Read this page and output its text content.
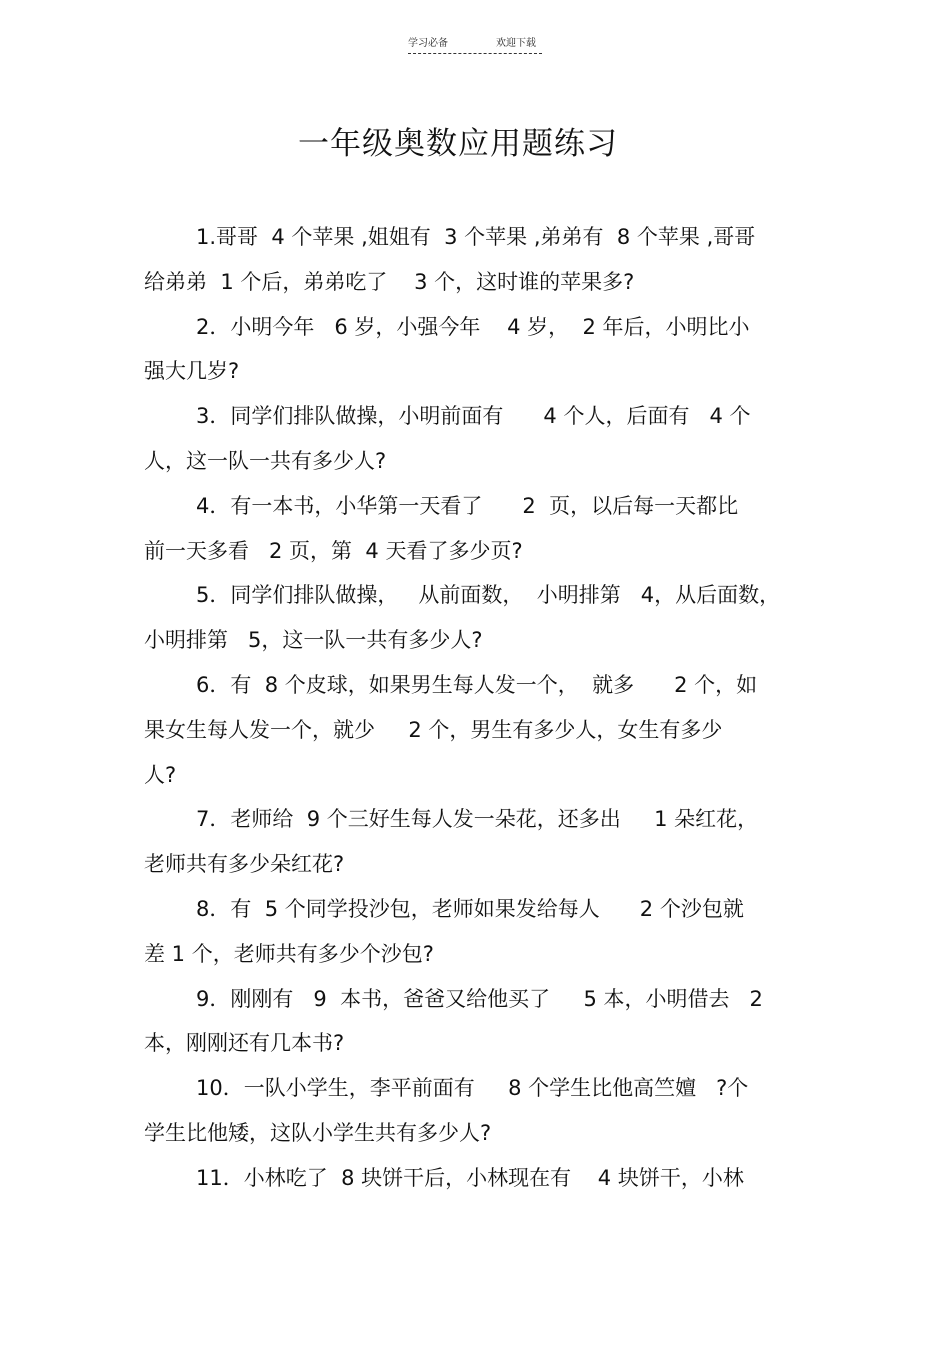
学习必备	欢迎下载
一年级奥数应用题练习
1.哥哥  4 个苹果 ,姐姐有  3 个苹果 ,弟弟有  8 个苹果 ,哥哥
给弟弟  1 个后，弟弟吃了    3 个，这时谁的苹果多?
2．小明今年   6 岁，小强今年    4 岁，  2 年后，小明比小
强大几岁?
3．同学们排队做操，小明前面有      4 个人，后面有   4 个
人，这一队一共有多少人?
4．有一本书，小华第一天看了      2  页，以后每一天都比
前一天多看   2 页，第  4 天看了多少页?
5．同学们排队做操，   从前面数，  小明排第   4，从后面数，
小明排第   5，这一队一共有多少人?
6．有  8 个皮球，如果男生每人发一个，  就多      2 个，如
果女生每人发一个，就少     2 个，男生有多少人，女生有多少
人?
7．老师给  9 个三好生每人发一朵花，还多出     1 朵红花，
老师共有多少朵红花?
8．有  5 个同学投沙包，老师如果发给每人      2 个沙包就
差 1 个，老师共有多少个沙包?
9．刚刚有   9  本书，爸爸又给他买了     5 本，小明借去   2
本，刚刚还有几本书?
10．一队小学生，李平前面有     8 个学生比他高竺嬗   ?个
学生比他矮，这队小学生共有多少人?
11．小林吃了  8 块饼干后，小林现在有    4 块饼干，小林
